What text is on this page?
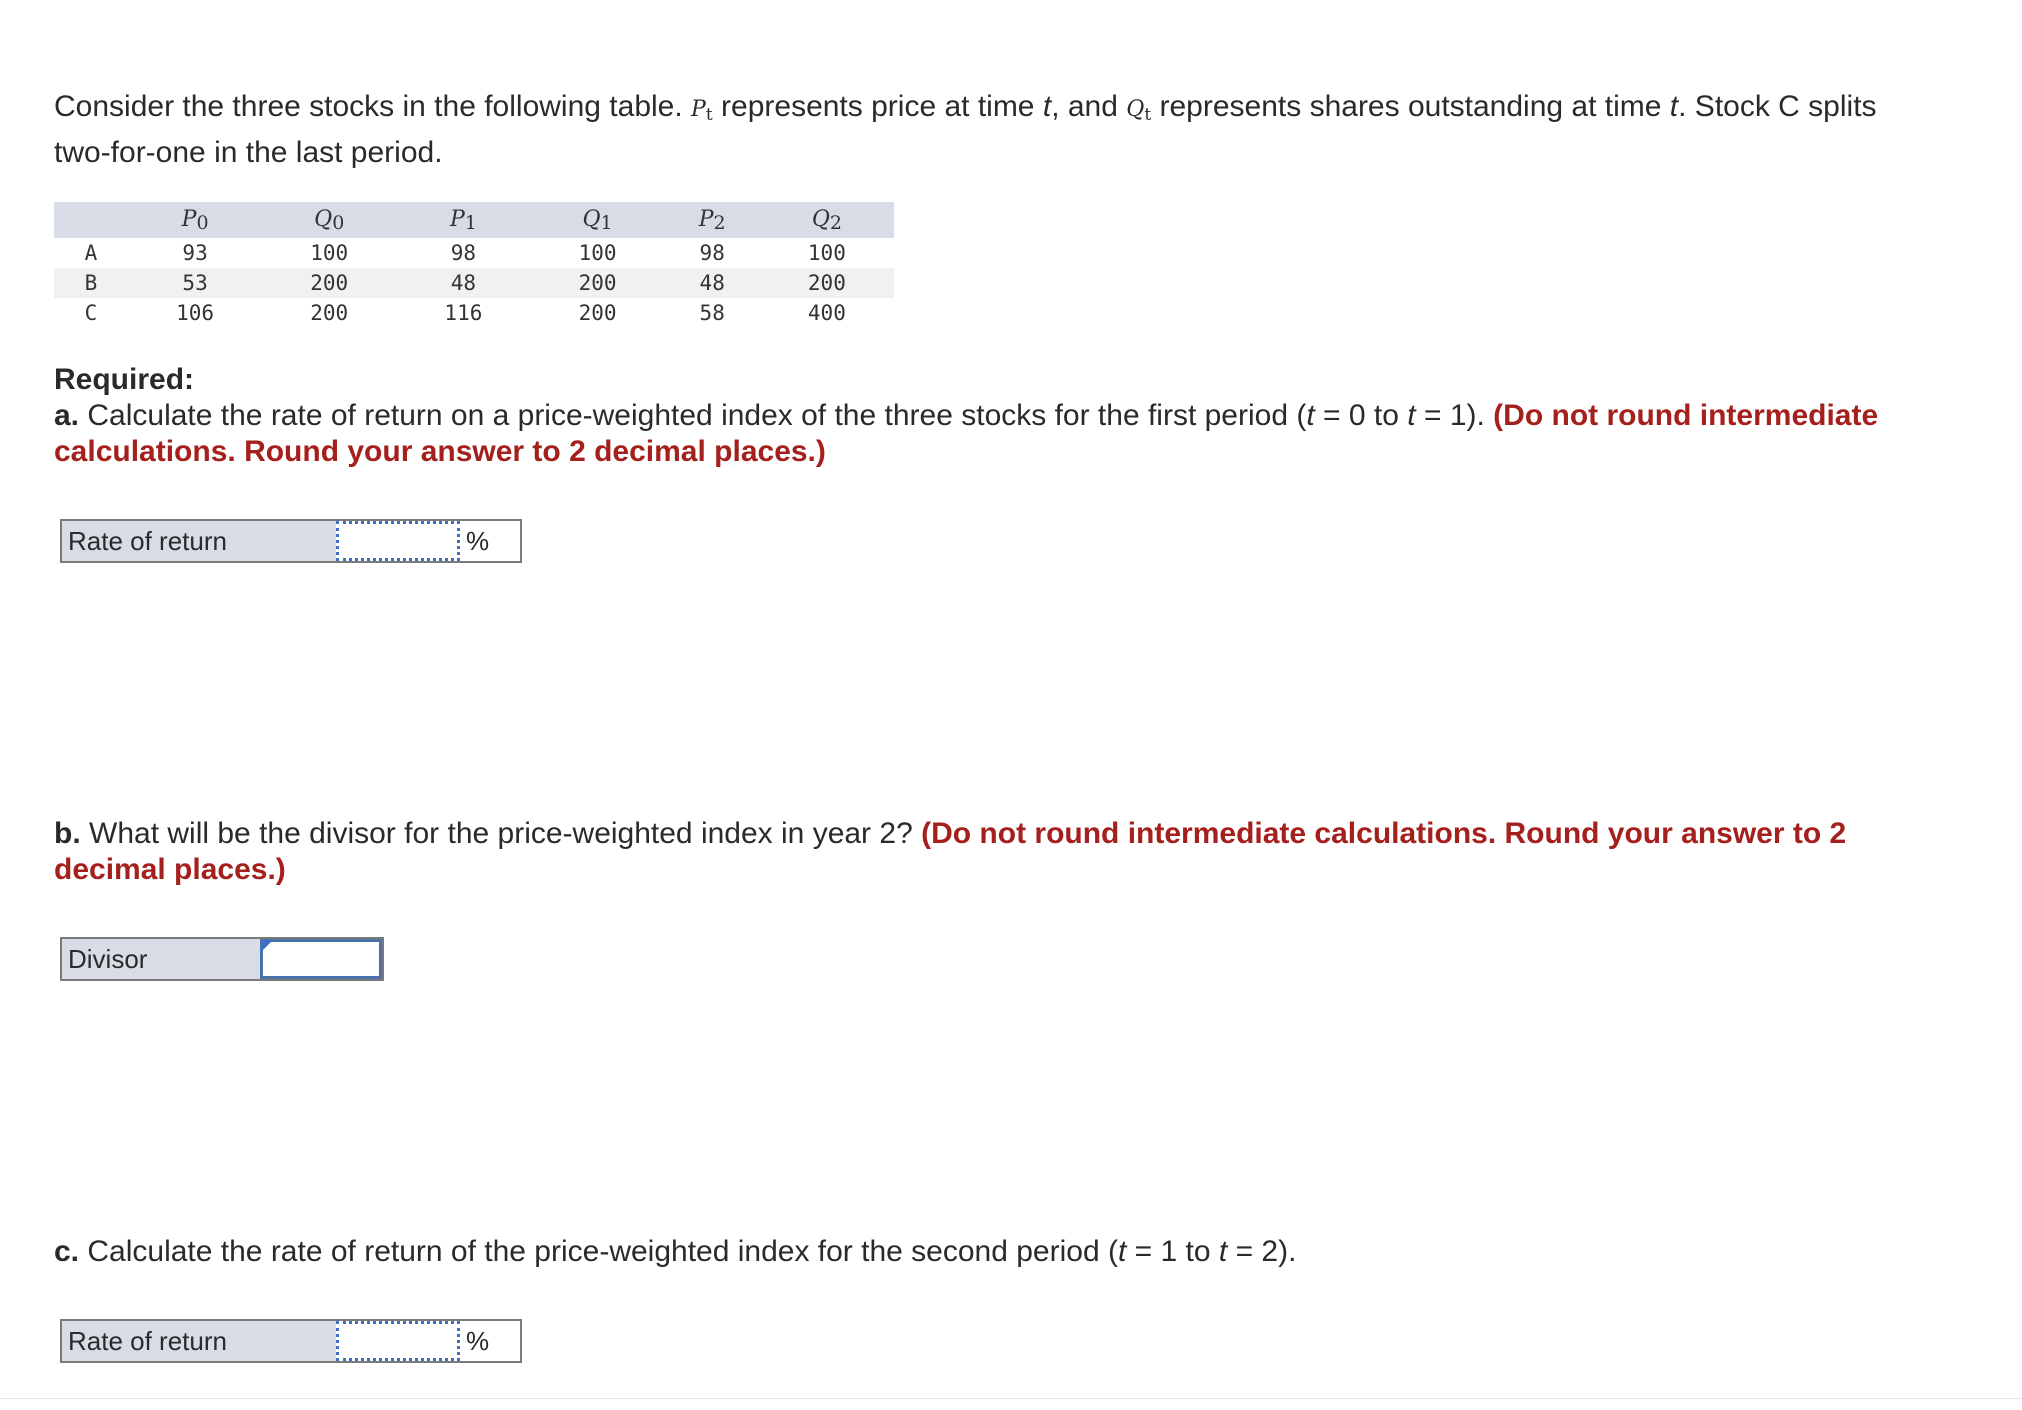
Consider the three stocks in the following table. $P_t$ represents price at time t, and $Q_t$ represents shares outstanding at time t. Stock C splits two-for-one in the last period.

	$P_0$	$Q_0$	$P_1$	$Q_1$	$P_2$	$Q_2$
A	93	100	98	100	98	100
B	53	200	48	200	48	200
C	106	200	116	200	58	400

Required:
a. Calculate the rate of return on a price-weighted index of the three stocks for the first period (t = 0 to t = 1). (Do not round intermediate calculations. Round your answer to 2 decimal places.)

Rate of return	%

b. What will be the divisor for the price-weighted index in year 2? (Do not round intermediate calculations. Round your answer to 2 decimal places.)

Divisor

c. Calculate the rate of return of the price-weighted index for the second period (t = 1 to t = 2).

Rate of return	%
